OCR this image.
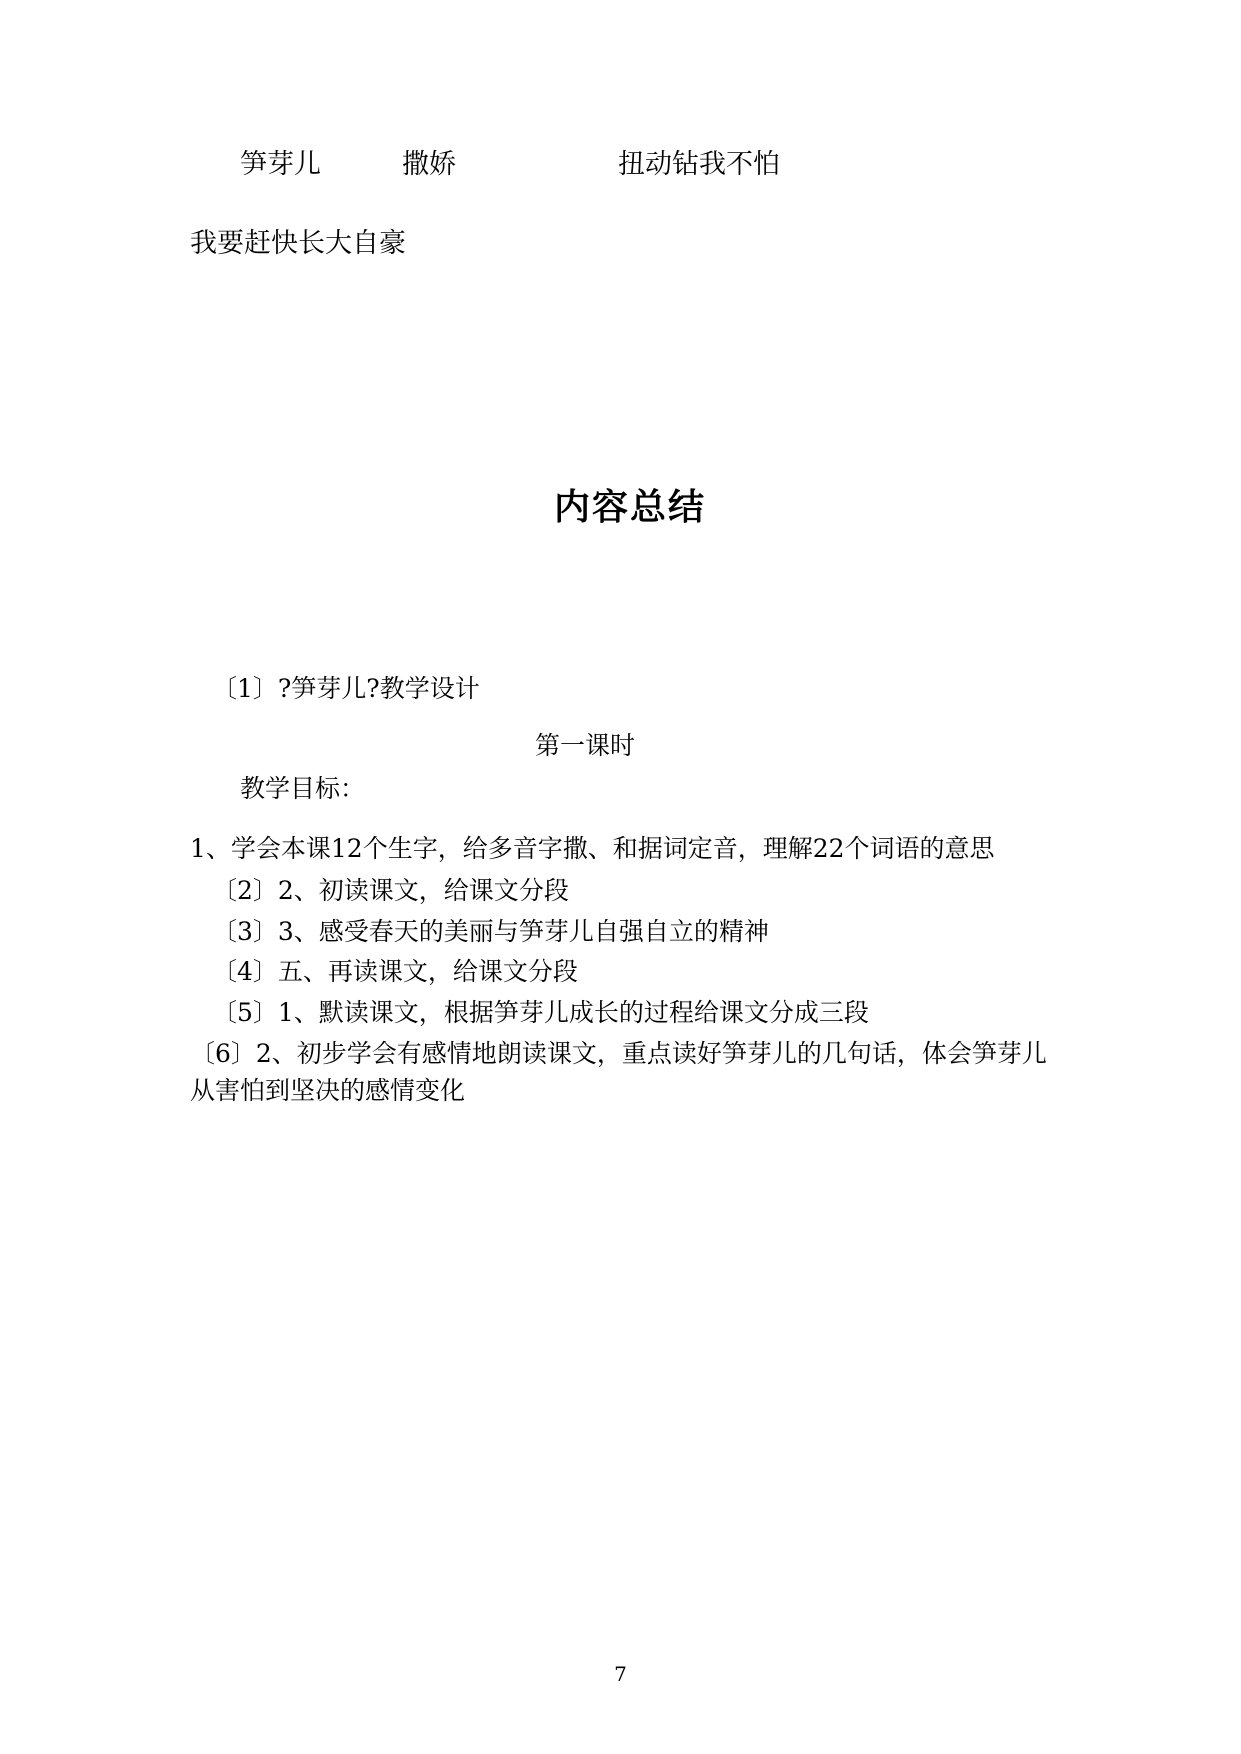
笋芽儿　　　撒娇　　　　　　扭动钻我不怕
我要赶快长大自豪
内容总结
〔1〕?笋芽儿?教学设计
第一课时
教学目标：
1、学会本课12个生字，给多音字撒、和据词定音，理解22个词语的意思
〔2〕2、初读课文，给课文分段
〔3〕3、感受春天的美丽与笋芽儿自强自立的精神
〔4〕五、再读课文，给课文分段
〔5〕1、默读课文，根据笋芽儿成长的过程给课文分成三段
〔6〕2、初步学会有感情地朗读课文，重点读好笋芽儿的几句话，体会笋芽儿从害怕到坚决的感情变化
7
